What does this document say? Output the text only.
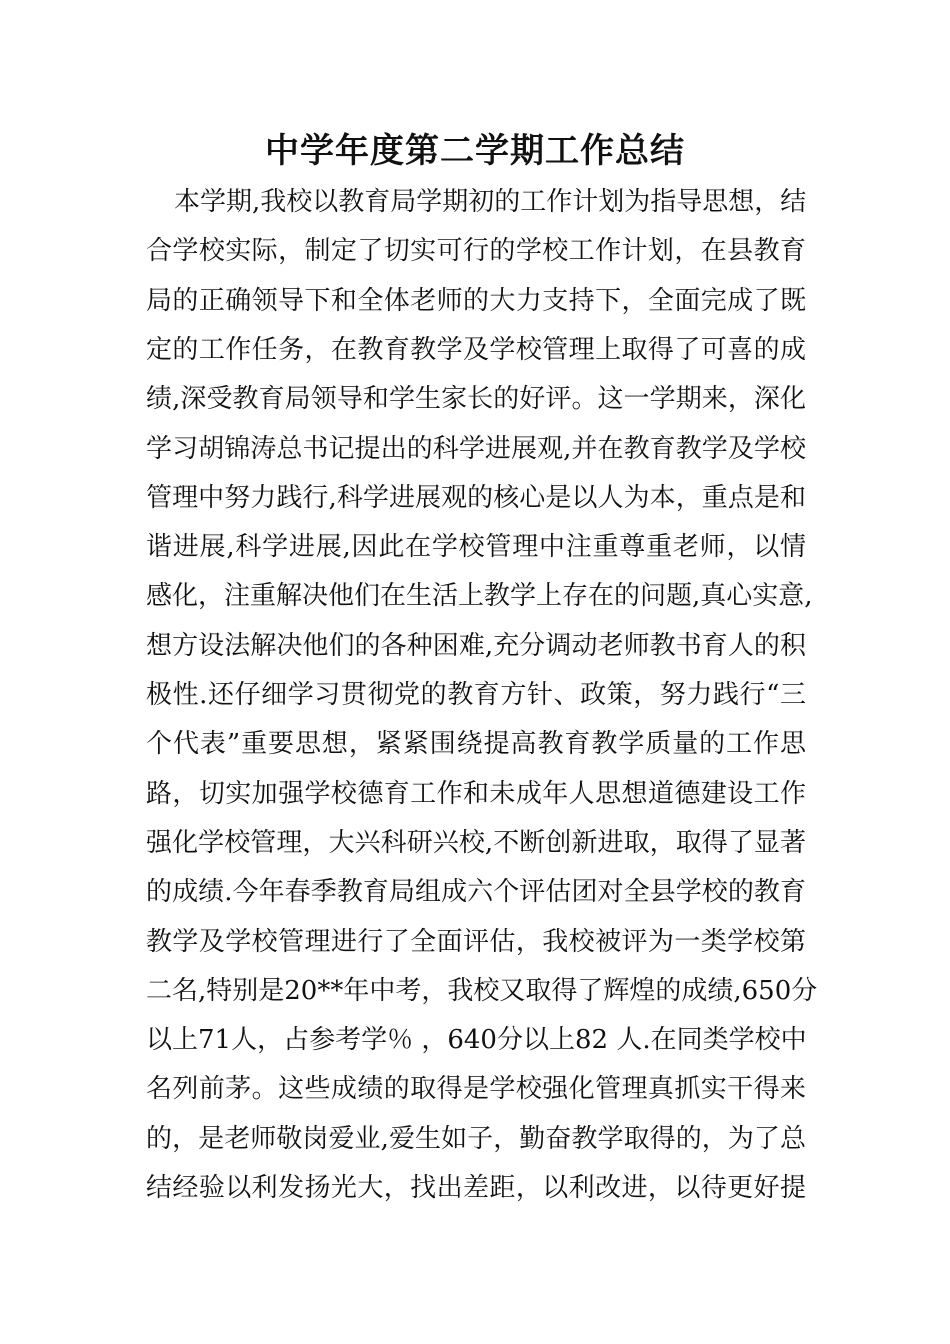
中学年度第二学期工作总结
本学期,我校以教育局学期初的工作计划为指导思想，结
合学校实际，制定了切实可行的学校工作计划，在县教育
局的正确领导下和全体老师的大力支持下，全面完成了既
定的工作任务，在教育教学及学校管理上取得了可喜的成
绩,深受教育局领导和学生家长的好评。这一学期来，深化
学习胡锦涛总书记提出的科学进展观,并在教育教学及学校
管理中努力践行,科学进展观的核心是以人为本，重点是和
谐进展,科学进展,因此在学校管理中注重尊重老师，以情
感化，注重解决他们在生活上教学上存在的问题,真心实意,
想方设法解决他们的各种困难,充分调动老师教书育人的积
极性.还仔细学习贯彻党的教育方针、政策，努力践行“三
个代表”重要思想，紧紧围绕提高教育教学质量的工作思
路，切实加强学校德育工作和未成年人思想道德建设工作
强化学校管理，大兴科研兴校,不断创新进取，取得了显著
的成绩.今年春季教育局组成六个评估团对全县学校的教育
教学及学校管理进行了全面评估，我校被评为一类学校第
二名,特别是20**年中考，我校又取得了辉煌的成绩,650分
以上71人，占参考学％ ，640分以上82 人.在同类学校中
名列前茅。这些成绩的取得是学校强化管理真抓实干得来
的，是老师敬岗爱业,爱生如子，勤奋教学取得的，为了总
结经验以利发扬光大，找出差距，以利改进，以待更好提
